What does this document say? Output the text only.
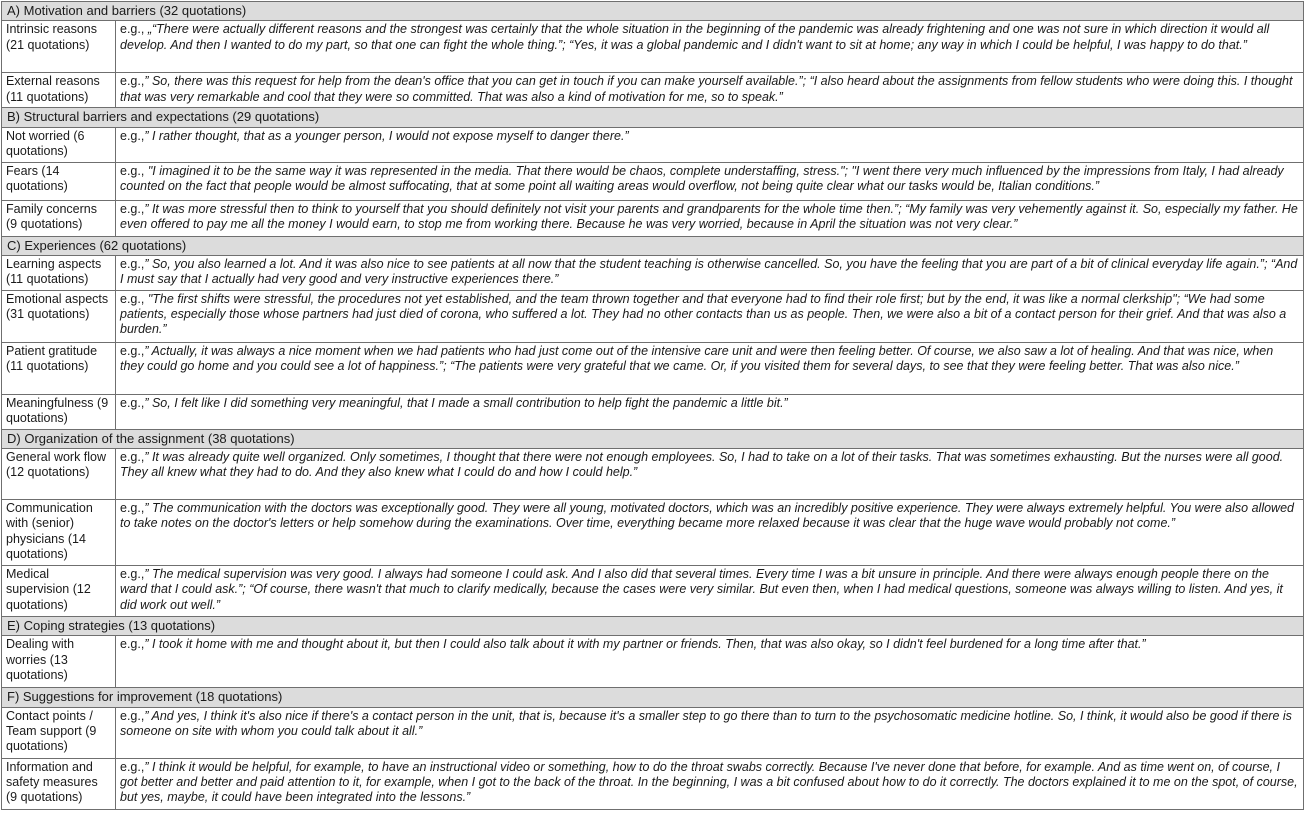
A) Motivation and barriers (32 quotations)	
Intrinsic reasons (21 quotations)	e.g., „“There were actually different reasons and the strongest was certainly that the whole situation in the beginning of the pandemic was already frightening and one was not sure in which direction it would all develop. And then I wanted to do my part, so that one can fight the whole thing.”; “Yes, it was a global pandemic and I didn't want to sit at home; any way in which I could be helpful, I was happy to do that.”
External reasons (11 quotations)	e.g.,” So, there was this request for help from the dean's office that you can get in touch if you can make yourself available.”; “I also heard about the assignments from fellow students who were doing this. I thought that was very remarkable and cool that they were so committed. That was also a kind of motivation for me, so to speak.”
B) Structural barriers and expectations (29 quotations)	
Not worried (6 quotations)	e.g.,” I rather thought, that as a younger person, I would not expose myself to danger there.”
Fears (14 quotations)	e.g., "I imagined it to be the same way it was represented in the media. That there would be chaos, complete understaffing, stress."; "I went there very much influenced by the impressions from Italy, I had already counted on the fact that people would be almost suffocating, that at some point all waiting areas would overflow, not being quite clear what our tasks would be, Italian conditions.”
Family concerns (9 quotations)	e.g.,” It was more stressful then to think to yourself that you should definitely not visit your parents and grandparents for the whole time then.”; “My family was very vehemently against it. So, especially my father. He even offered to pay me all the money I would earn, to stop me from working there. Because he was very worried, because in April the situation was not very clear.”
C) Experiences (62 quotations)	
Learning aspects (11 quotations)	e.g.,” So, you also learned a lot. And it was also nice to see patients at all now that the student teaching is otherwise cancelled. So, you have the feeling that you are part of a bit of clinical everyday life again.”; “And I must say that I actually had very good and very instructive experiences there.”
Emotional aspects (31 quotations)	e.g., "The first shifts were stressful, the procedures not yet established, and the team thrown together and that everyone had to find their role first; but by the end, it was like a normal clerkship"; “We had some patients, especially those whose partners had just died of corona, who suffered a lot. They had no other contacts than us as people. Then, we were also a bit of a contact person for their grief. And that was also a burden.”
Patient gratitude (11 quotations)	e.g.,” Actually, it was always a nice moment when we had patients who had just come out of the intensive care unit and were then feeling better. Of course, we also saw a lot of healing. And that was nice, when they could go home and you could see a lot of happiness.”; “The patients were very grateful that we came. Or, if you visited them for several days, to see that they were feeling better. That was also nice.”
Meaningfulness (9 quotations)	e.g.,” So, I felt like I did something very meaningful, that I made a small contribution to help fight the pandemic a little bit.”
D) Organization of the assignment (38 quotations)	
General work flow (12 quotations)	e.g.,” It was already quite well organized. Only sometimes, I thought that there were not enough employees. So, I had to take on a lot of their tasks. That was sometimes exhausting. But the nurses were all good. They all knew what they had to do. And they also knew what I could do and how I could help.”
Communication with (senior) physicians (14 quotations)	e.g.,” The communication with the doctors was exceptionally good. They were all young, motivated doctors, which was an incredibly positive experience. They were always extremely helpful. You were also allowed to take notes on the doctor's letters or help somehow during the examinations. Over time, everything became more relaxed because it was clear that the huge wave would probably not come.”
Medical supervision (12 quotations)	e.g.,” The medical supervision was very good. I always had someone I could ask. And I also did that several times. Every time I was a bit unsure in principle. And there were always enough people there on the ward that I could ask.”; “Of course, there wasn't that much to clarify medically, because the cases were very similar. But even then, when I had medical questions, someone was always willing to listen. And yes, it did work out well.”
E) Coping strategies (13 quotations)	
Dealing with worries (13 quotations)	e.g.,” I took it home with me and thought about it, but then I could also talk about it with my partner or friends. Then, that was also okay, so I didn't feel burdened for a long time after that.”
F) Suggestions for improvement (18 quotations)	
Contact points / Team support (9 quotations)	e.g.,” And yes, I think it's also nice if there's a contact person in the unit, that is, because it's a smaller step to go there than to turn to the psychosomatic medicine hotline. So, I think, it would also be good if there is someone on site with whom you could talk about it all.”
Information and safety measures (9 quotations)	e.g.,” I think it would be helpful, for example, to have an instructional video or something, how to do the throat swabs correctly. Because I've never done that before, for example. And as time went on, of course, I got better and better and paid attention to it, for example, when I got to the back of the throat. In the beginning, I was a bit confused about how to do it correctly. The doctors explained it to me on the spot, of course, but yes, maybe, it could have been integrated into the lessons.”
